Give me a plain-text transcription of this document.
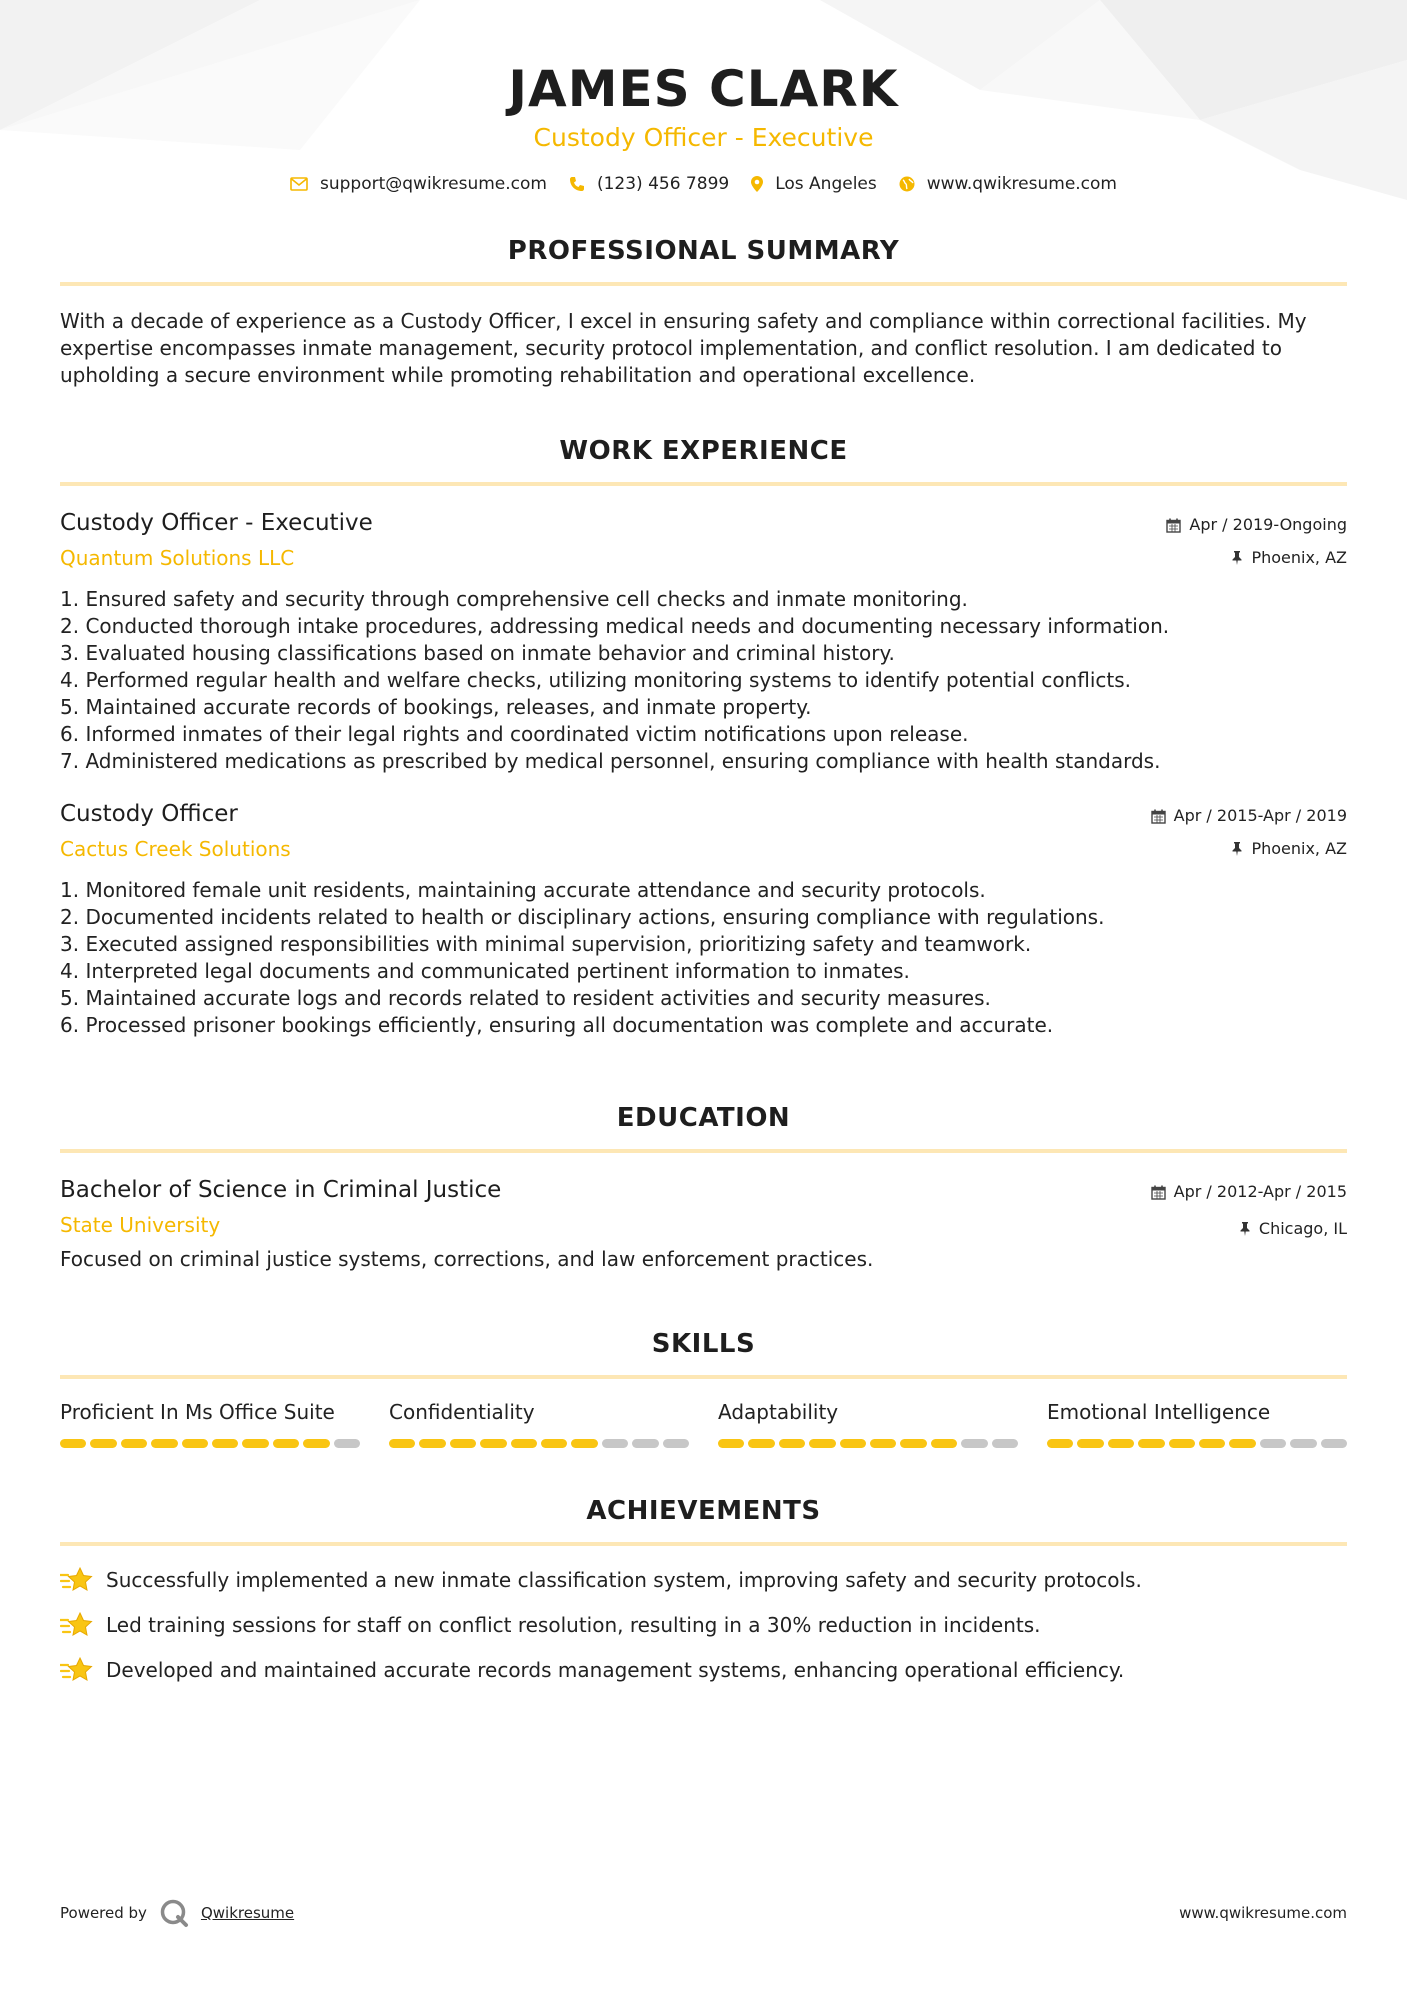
JAMES CLARK
Custody Officer - Executive
support@qwikresume.com	(123) 456 7899	Los Angeles	www.qwikresume.com
PROFESSIONAL SUMMARY

With a decade of experience as a Custody Officer, I excel in ensuring safety and compliance within correctional facilities. My expertise encompasses inmate management, security protocol implementation, and conflict resolution. I am dedicated to upholding a secure environment while promoting rehabilitation and operational excellence.

WORK EXPERIENCE
Custody Officer - Executive
Quantum Solutions LLC
Apr / 2019-Ongoing
Phoenix, AZ
1. Ensured safety and security through comprehensive cell checks and inmate monitoring.
2. Conducted thorough intake procedures, addressing medical needs and documenting necessary information.
3. Evaluated housing classifications based on inmate behavior and criminal history.
4. Performed regular health and welfare checks, utilizing monitoring systems to identify potential conflicts.
5. Maintained accurate records of bookings, releases, and inmate property.
6. Informed inmates of their legal rights and coordinated victim notifications upon release.
7. Administered medications as prescribed by medical personnel, ensuring compliance with health standards.
Custody Officer
Cactus Creek Solutions
Apr / 2015-Apr / 2019
Phoenix, AZ
1. Monitored female unit residents, maintaining accurate attendance and security protocols.
2. Documented incidents related to health or disciplinary actions, ensuring compliance with regulations.
3. Executed assigned responsibilities with minimal supervision, prioritizing safety and teamwork.
4. Interpreted legal documents and communicated pertinent information to inmates.
5. Maintained accurate logs and records related to resident activities and security measures.
6. Processed prisoner bookings efficiently, ensuring all documentation was complete and accurate.
EDUCATION
Bachelor of Science in Criminal Justice
State University
Apr / 2012-Apr / 2015
Chicago, IL

Focused on criminal justice systems, corrections, and law enforcement practices.

SKILLS
Proficient In Ms Office Suite	Confidentiality	Adaptability	Emotional Intelligence
ACHIEVEMENTS
Successfully implemented a new inmate classification system, improving safety and security protocols.
Led training sessions for staff on conflict resolution, resulting in a 30% reduction in incidents.
Developed and maintained accurate records management systems, enhancing operational efficiency.
Powered by	Qwikresume	www.qwikresume.com
